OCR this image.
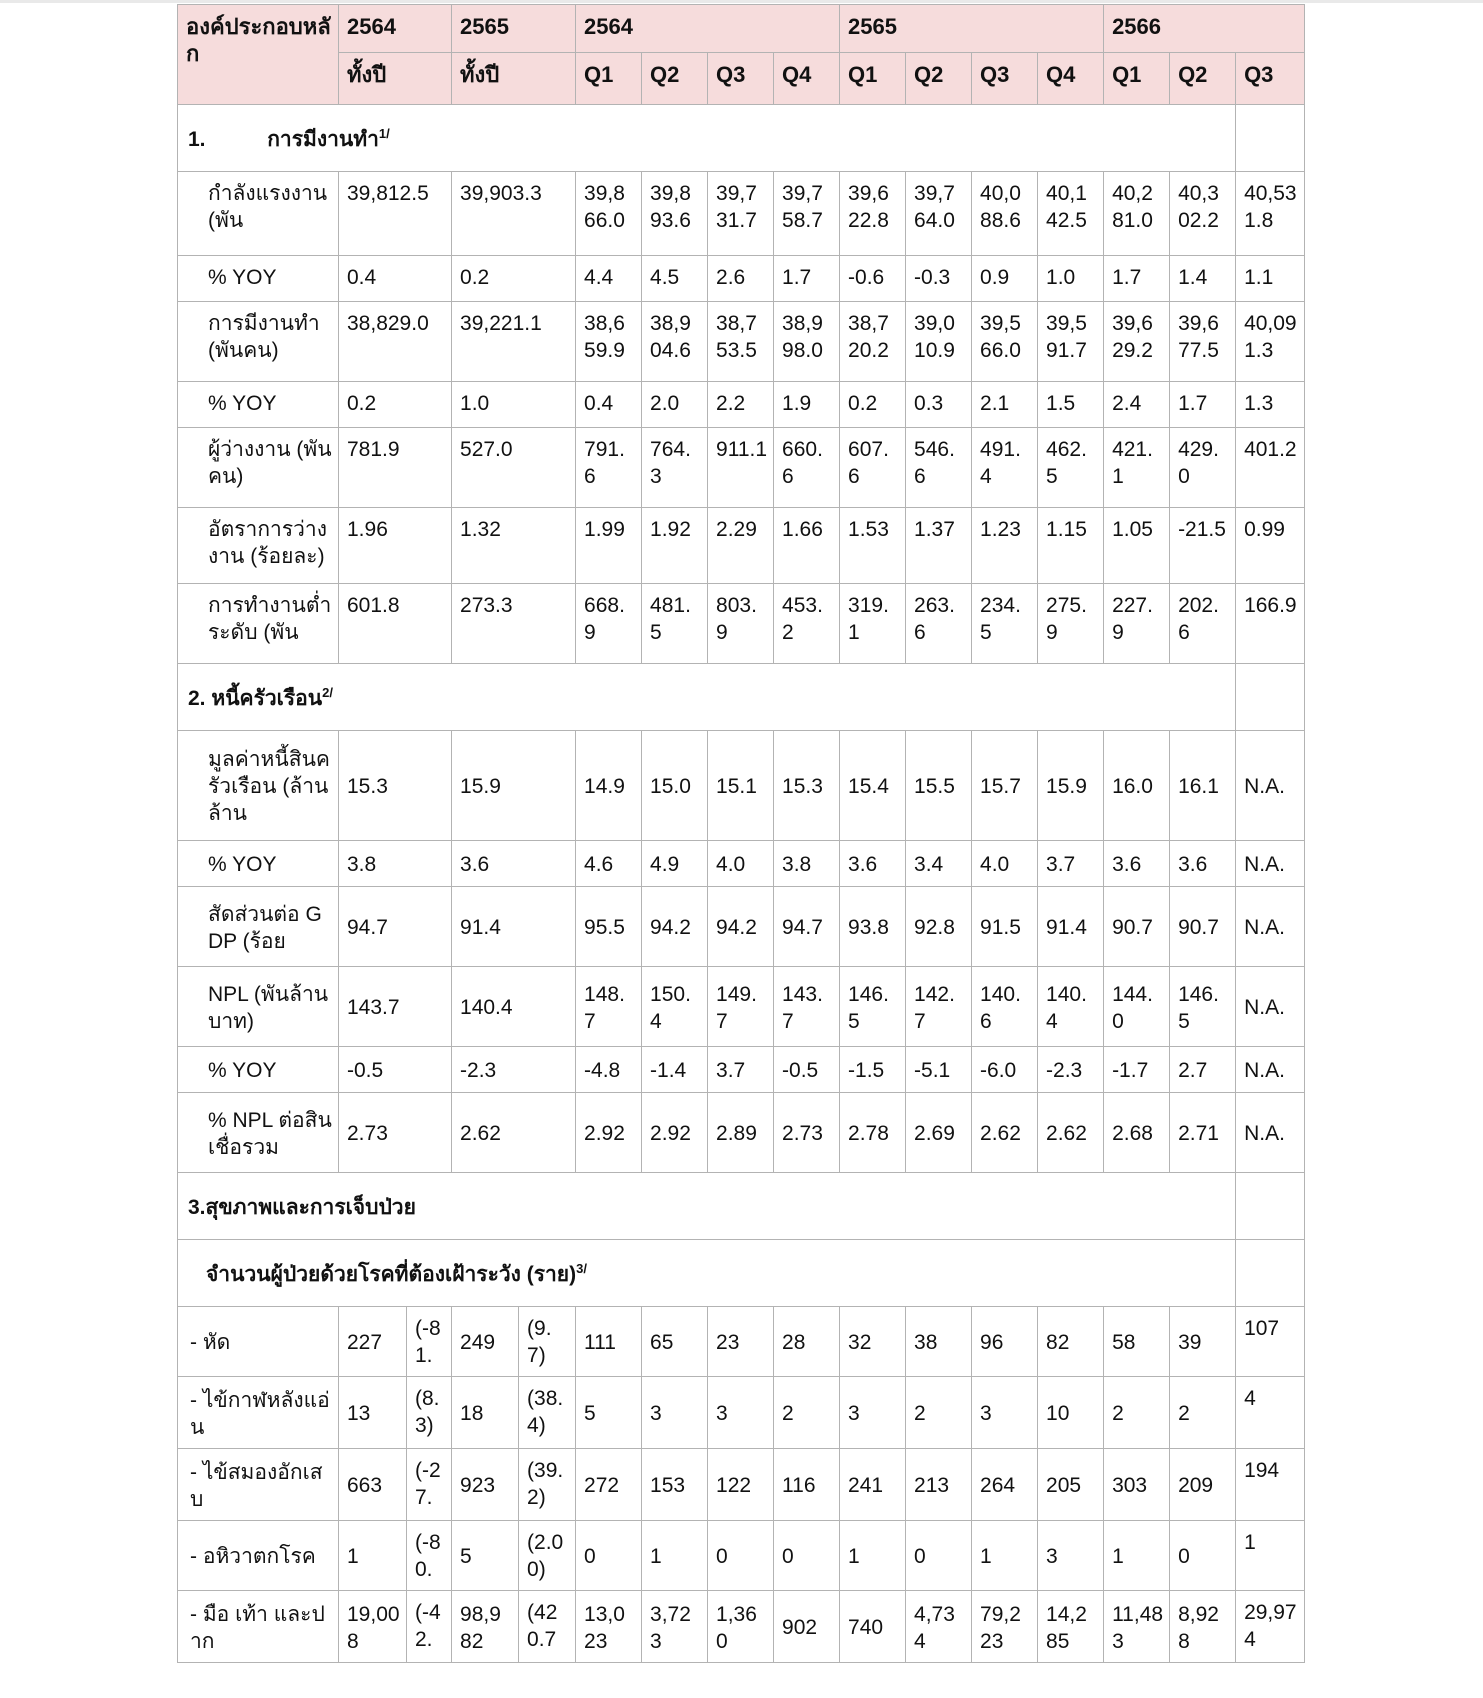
องค์ประกอบหลัก	2564		2565		2564				2565				2566		
	ทั้งปี		ทั้งปี		Q1	Q2	Q3	Q4	Q1	Q2	Q3	Q4	Q1	Q2	Q3
1. การมีงานทำ$^{1/}$	
กำลังแรงงาน (พัน	39,812.5		39,903.3		39,866.0	39,893.6	39,731.7	39,758.7	39,622.8	39,764.0	40,088.6	40,142.5	40,281.0	40,302.2	40,531.8
% YOY	0.4		0.2		4.4	4.5	2.6	1.7	-0.6	-0.3	0.9	1.0	1.7	1.4	1.1
การมีงานทำ (พันคน)	38,829.0		39,221.1		38,659.9	38,904.6	38,753.5	38,998.0	38,720.2	39,010.9	39,566.0	39,591.7	39,629.2	39,677.5	40,091.3
% YOY	0.2		1.0		0.4	2.0	2.2	1.9	0.2	0.3	2.1	1.5	2.4	1.7	1.3
ผู้ว่างงาน (พันคน)	781.9		527.0		791.6	764.3	911.1	660.6	607.6	546.6	491.4	462.5	421.1	429.0	401.2
อัตราการว่างงาน (ร้อยละ)	1.96		1.32		1.99	1.92	2.29	1.66	1.53	1.37	1.23	1.15	1.05	-21.5	0.99
การทำงานต่ำระดับ (พัน	601.8		273.3		668.9	481.5	803.9	453.2	319.1	263.6	234.5	275.9	227.9	202.6	166.9
2. หนี้ครัวเรือน$^{2/}$	
มูลค่าหนี้สินครัวเรือน (ล้านล้าน	15.3		15.9		14.9	15.0	15.1	15.3	15.4	15.5	15.7	15.9	16.0	16.1	N.A.
% YOY	3.8		3.6		4.6	4.9	4.0	3.8	3.6	3.4	4.0	3.7	3.6	3.6	N.A.
สัดส่วนต่อ GDP (ร้อย	94.7		91.4		95.5	94.2	94.2	94.7	93.8	92.8	91.5	91.4	90.7	90.7	N.A.
NPL (พันล้านบาท)	143.7		140.4		148.7	150.4	149.7	143.7	146.5	142.7	140.6	140.4	144.0	146.5	N.A.
% YOY	-0.5		-2.3		-4.8	-1.4	3.7	-0.5	-1.5	-5.1	-6.0	-2.3	-1.7	2.7	N.A.
% NPL ต่อสินเชื่อรวม	2.73		2.62		2.92	2.92	2.89	2.73	2.78	2.69	2.62	2.62	2.68	2.71	N.A.
3.สุขภาพและการเจ็บป่วย															
จำนวนผู้ป่วยด้วยโรคที่ต้องเฝ้าระวัง (ราย)$^{3/}$	
- หัด	227	(-81.	249	(9.7)	111	65	23	28	32	38	96	82	58	39	107
- ไข้กาฬหลังแอ่น	13	(8.3)	18	(38.4)	5	3	3	2	3	2	3	10	2	2	4
- ไข้สมองอักเสบ	663	(-27.	923	(39.2)	272	153	122	116	241	213	264	205	303	209	194
- อหิวาตกโรค	1	(-80.	5	(2.00)	0	1	0	0	1	0	1	3	1	0	1
- มือ เท้า และปาก	19,008	(-42.	98,982	(420.7	13,023	3,723	1,360	902	740	4,734	79,223	14,285	11,483	8,928	29,974
